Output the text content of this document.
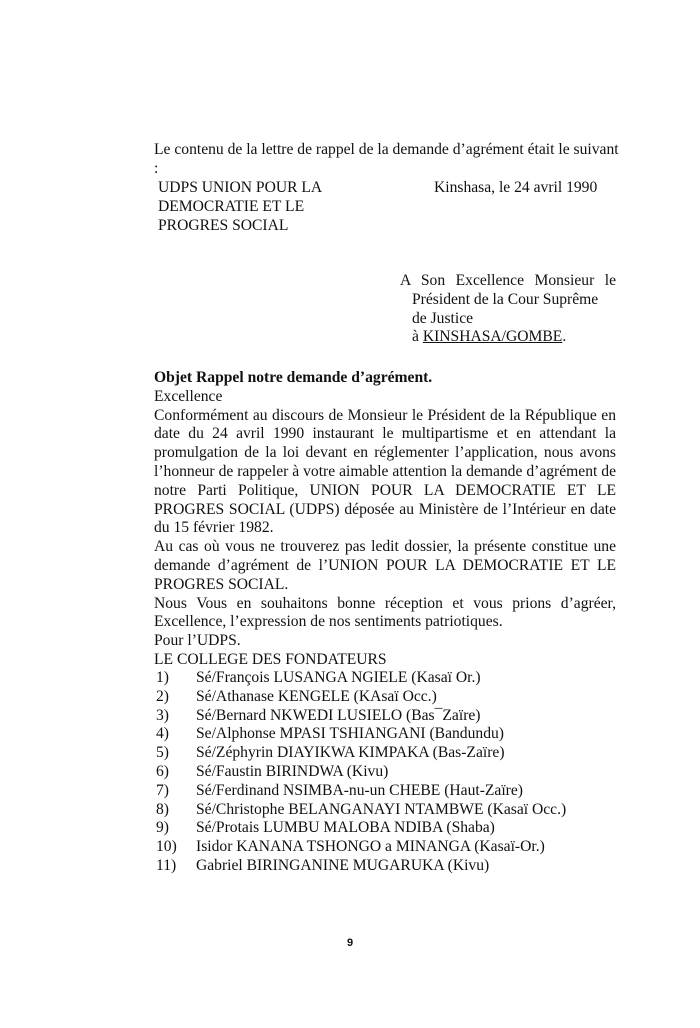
Le contenu de la lettre de rappel de la demande d’agrément était le suivant :
UDPS UNION POUR LA
DEMOCRATIE ET LE
PROGRES SOCIAL
Kinshasa, le 24 avril 1990
A Son Excellence Monsieur le
Président de la Cour Suprême
de Justice
à KINSHASA/GOMBE.

Objet Rappel notre demande d’agrément.

Excellence

Conformément au discours de Monsieur le Président de la République en date du 24 avril 1990 instaurant le multipartisme et en attendant la promulgation de la loi devant en réglementer l’application, nous avons l’honneur de rappeler à votre aimable attention la demande d’agrément de notre Parti Politique, UNION POUR LA DEMOCRATIE ET LE PROGRES SOCIAL (UDPS) déposée au Ministère de l’Intérieur en date du 15 février 1982.

Au cas où vous ne trouverez pas ledit dossier, la présente constitue une demande d’agrément de l’UNION POUR LA DEMOCRATIE ET LE PROGRES SOCIAL.

Nous Vous en souhaitons bonne réception et vous prions d’agréer, Excellence, l’expression de nos sentiments patriotiques.

Pour l’UDPS.

LE COLLEGE DES FONDATEURS

1)	Sé/François LUSANGA NGIELE (Kasaï Or.)
2)	Sé/Athanase KENGELE (KAsaï Occ.)
3)	Sé/Bernard NKWEDI LUSIELO (Bas¯Zaïre)
4)	Se/Alphonse MPASI TSHIANGANI (Bandundu)
5)	Sé/Zéphyrin DIAYIKWA KIMPAKA (Bas-Zaïre)
6)	Sé/Faustin BIRINDWA (Kivu)
7)	Sé/Ferdinand NSIMBA-nu-un CHEBE (Haut-Zaïre)
8)	Sé/Christophe BELANGANAYI NTAMBWE (Kasaï Occ.)
9)	Sé/Protais LUMBU MALOBA NDIBA (Shaba)
10)	Isidor KANANA TSHONGO a MINANGA (Kasaï-Or.)
11)	Gabriel BIRINGANINE MUGARUKA (Kivu)
9
